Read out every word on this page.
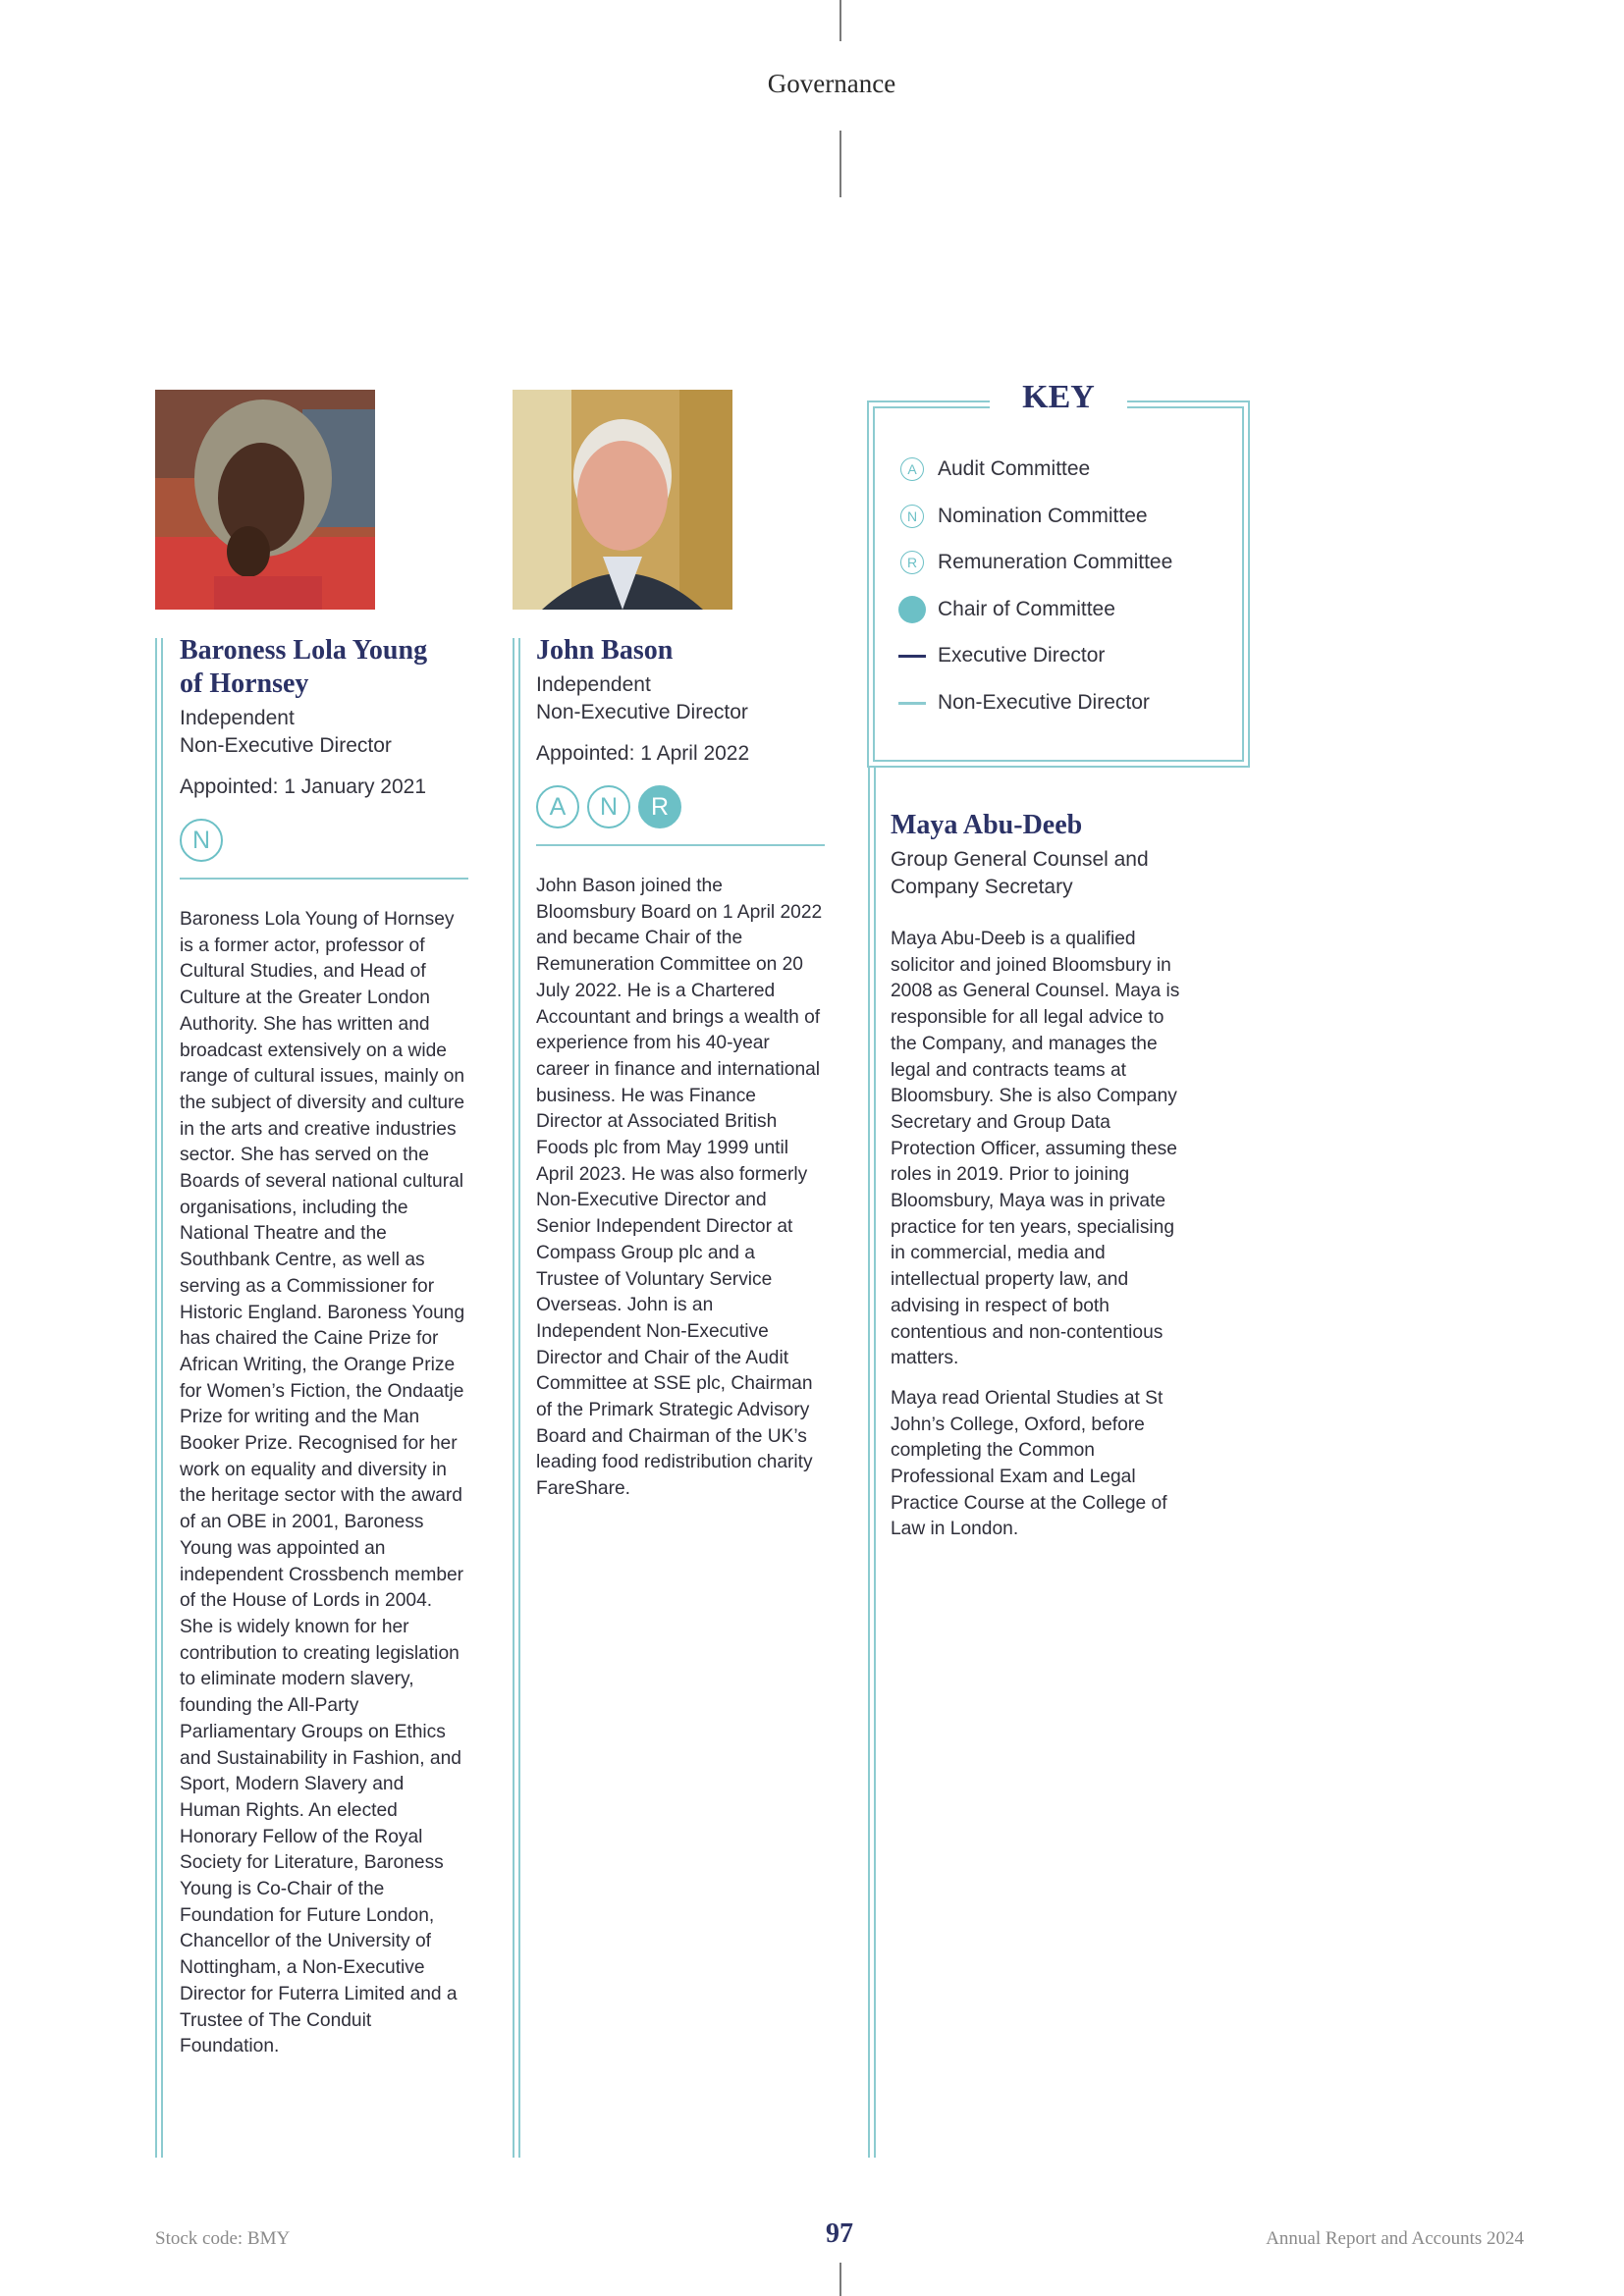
Governance
Baroness Lola Young of Hornsey
Independent
Non-Executive Director
Appointed: 1 January 2021
N

Baroness Lola Young of Hornsey is a former actor, professor of Cultural Studies, and Head of Culture at the Greater London Authority. She has written and broadcast extensively on a wide range of cultural issues, mainly on the subject of diversity and culture in the arts and creative industries sector. She has served on the Boards of several national cultural organisations, including the National Theatre and the Southbank Centre, as well as serving as a Commissioner for Historic England. Baroness Young has chaired the Caine Prize for African Writing, the Orange Prize for Women’s Fiction, the Ondaatje Prize for writing and the Man Booker Prize. Recognised for her work on equality and diversity in the heritage sector with the award of an OBE in 2001, Baroness Young was appointed an independent Crossbench member of the House of Lords in 2004. She is widely known for her contribution to creating legislation to eliminate modern slavery, founding the All-Party Parliamentary Groups on Ethics and Sustainability in Fashion, and Sport, Modern Slavery and Human Rights. An elected Honorary Fellow of the Royal Society for Literature, Baroness Young is Co-Chair of the Foundation for Future London, Chancellor of the University of Nottingham, a Non-Executive Director for Futerra Limited and a Trustee of The Conduit Foundation.

John Bason
Independent
Non-Executive Director
Appointed: 1 April 2022
A	N	R

John Bason joined the Bloomsbury Board on 1 April 2022 and became Chair of the Remuneration Committee on 20 July 2022. He is a Chartered Accountant and brings a wealth of experience from his 40-year career in finance and international business. He was Finance Director at Associated British Foods plc from May 1999 until April 2023. He was also formerly Non-Executive Director and Senior Independent Director at Compass Group plc and a Trustee of Voluntary Service Overseas. John is an Independent Non-Executive Director and Chair of the Audit Committee at SSE plc, Chairman of the Primark Strategic Advisory Board and Chairman of the UK’s leading food redistribution charity FareShare.

KEY
A	Audit Committee
N Nomination Committee
R Remuneration Committee
Chair of Committee
Executive Director
Non-Executive Director
Maya Abu-Deeb
Group General Counsel and
Company Secretary

Maya Abu-Deeb is a qualified solicitor and joined Bloomsbury in 2008 as General Counsel. Maya is responsible for all legal advice to the Company, and manages the legal and contracts teams at Bloomsbury. She is also Company Secretary and Group Data Protection Officer, assuming these roles in 2019. Prior to joining Bloomsbury, Maya was in private practice for ten years, specialising in commercial, media and intellectual property law, and advising in respect of both contentious and non-contentious matters.

Maya read Oriental Studies at St John’s College, Oxford, before completing the Common Professional Exam and Legal Practice Course at the College of Law in London.

Stock code: BMY	97	Annual Report and Accounts 2024
